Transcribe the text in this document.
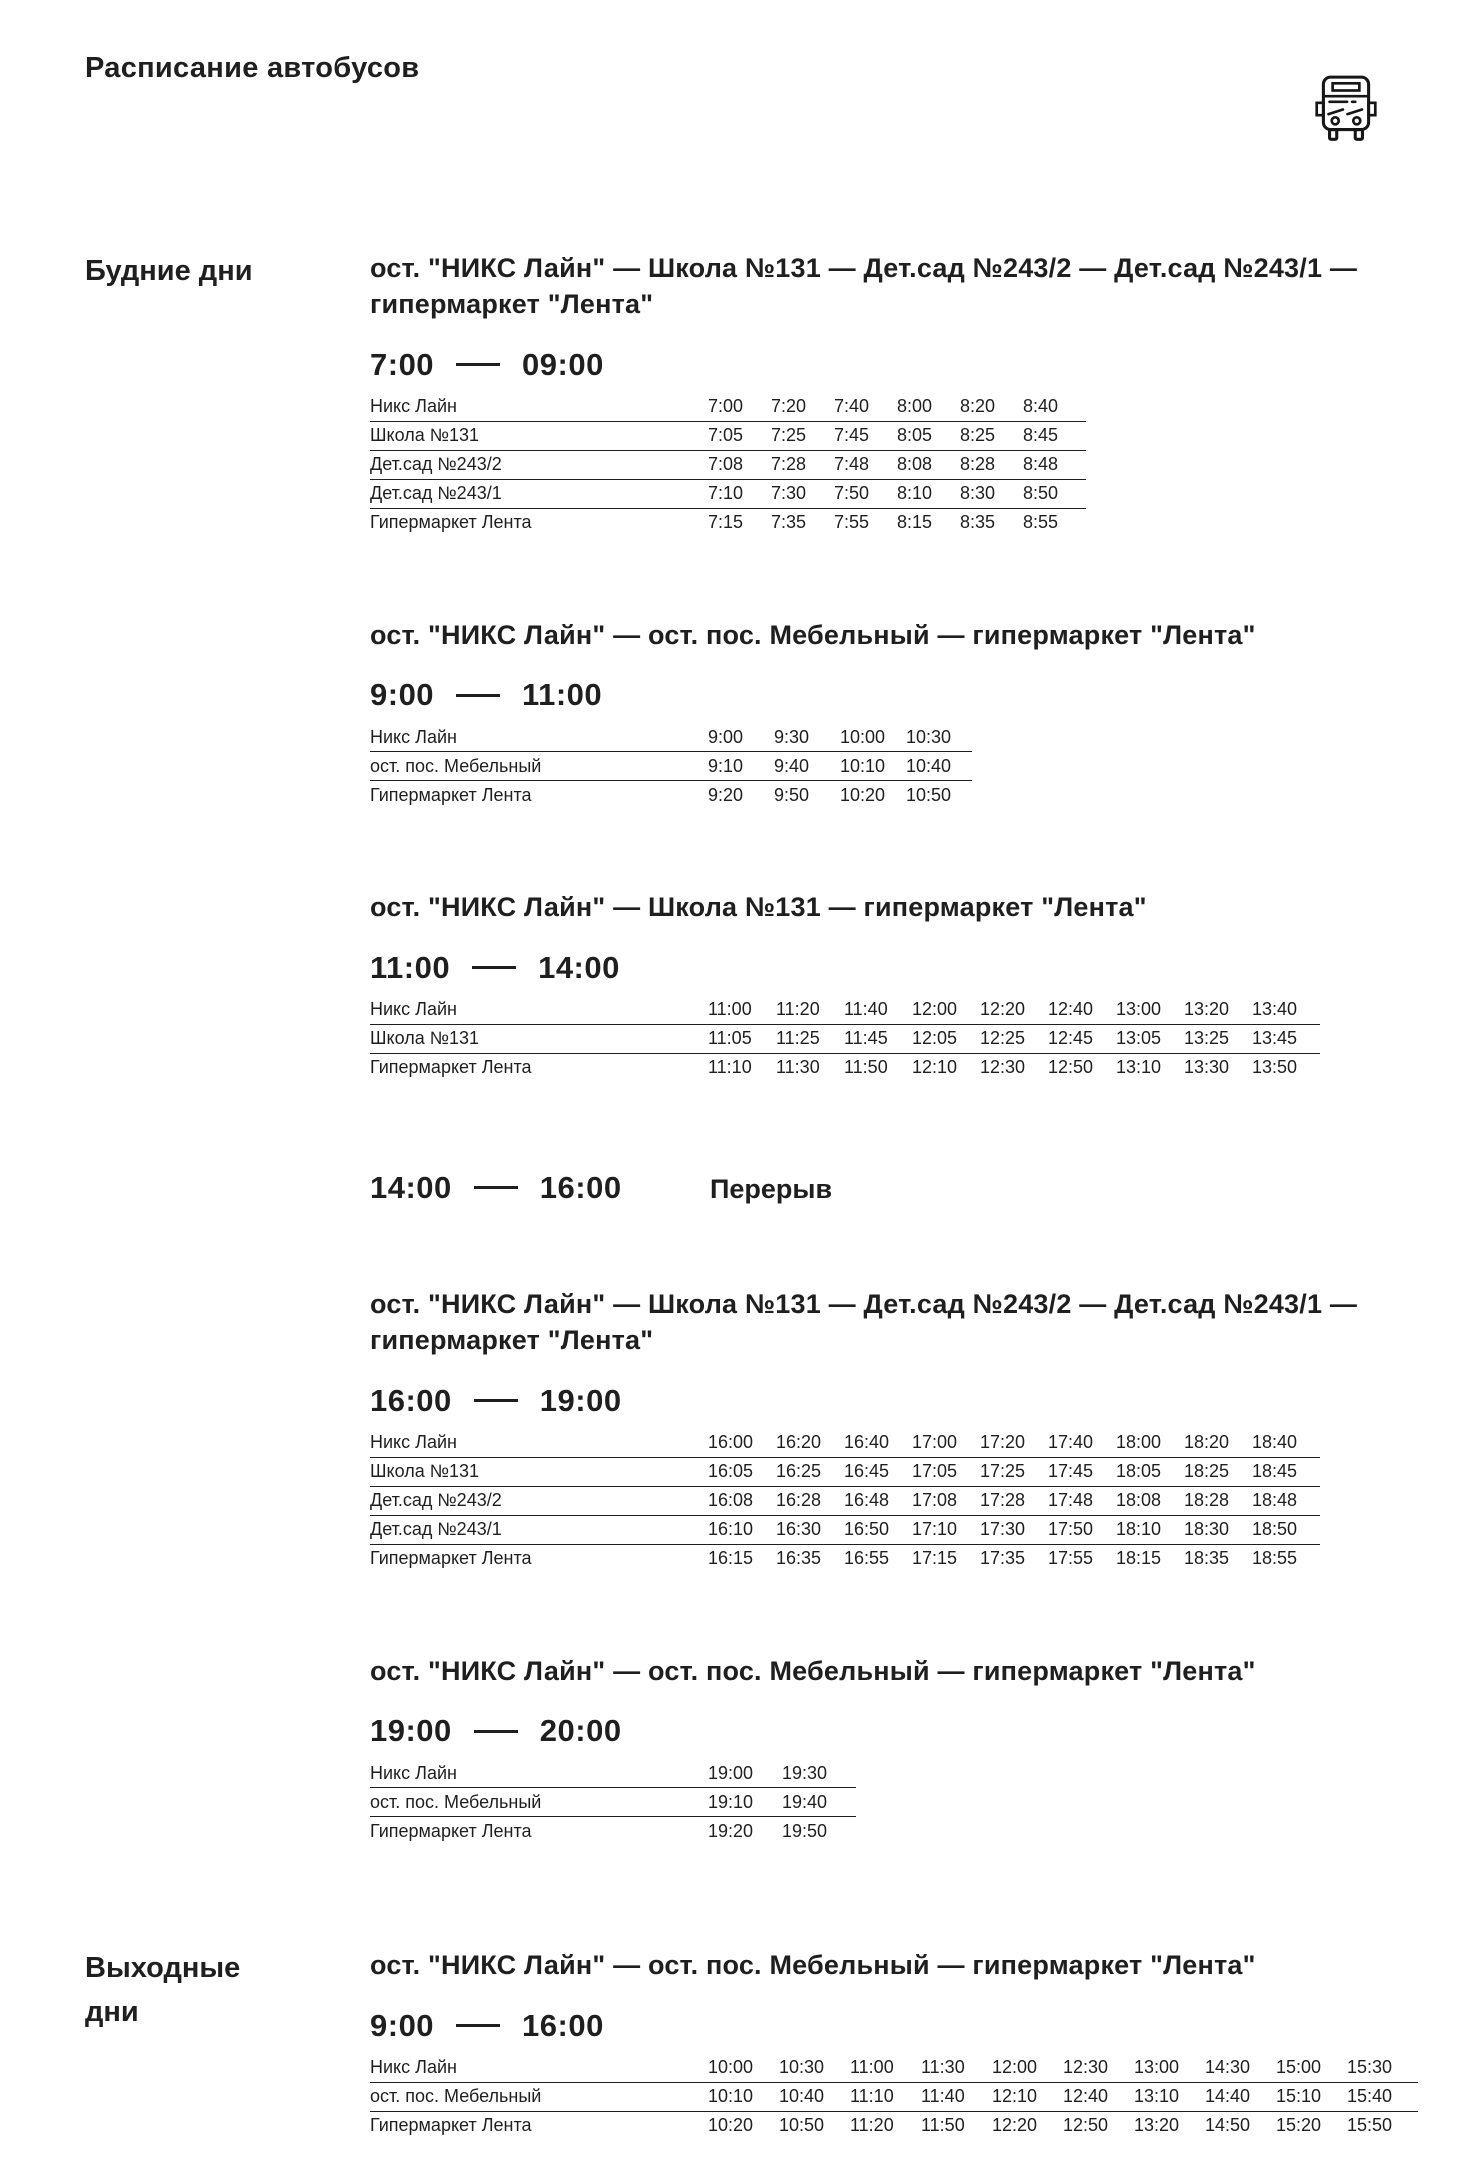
Расписание автобусов
Будние дни	ост. "НИКС Лайн" — Школа №131 — Дет.сад №243/2 — Дет.сад №243/1 — гипермаркет "Лента"
7:00	09:00
Никс Лайн	7:00	7:20	7:40	8:00	8:20	8:40
Школа №131	7:05	7:25	7:45	8:05	8:25	8:45
Дет.сад №243/2	7:08	7:28	7:48	8:08	8:28	8:48
Дет.сад №243/1	7:10	7:30	7:50	8:10	8:30	8:50
Гипермаркет Лента	7:15	7:35	7:55	8:15	8:35	8:55
ост. "НИКС Лайн" — ост. пос. Мебельный — гипермаркет "Лента"
9:00	11:00
Никс Лайн	9:00	9:30	10:00	10:30
ост. пос. Мебельный	9:10	9:40	10:10	10:40
Гипермаркет Лента	9:20	9:50	10:20	10:50
ост. "НИКС Лайн" — Школа №131 — гипермаркет "Лента"
11:00	14:00
Никс Лайн	11:00	11:20	11:40	12:00	12:20	12:40	13:00	13:20	13:40
Школа №131	11:05	11:25	11:45	12:05	12:25	12:45	13:05	13:25	13:45
Гипермаркет Лента	11:10	11:30	11:50	12:10	12:30	12:50	13:10	13:30	13:50
14:00	16:00	Перерыв
ост. "НИКС Лайн" — Школа №131 — Дет.сад №243/2 — Дет.сад №243/1 — гипермаркет "Лента"
16:00	19:00
Никс Лайн	16:00	16:20	16:40	17:00	17:20	17:40	18:00	18:20	18:40
Школа №131	16:05	16:25	16:45	17:05	17:25	17:45	18:05	18:25	18:45
Дет.сад №243/2	16:08	16:28	16:48	17:08	17:28	17:48	18:08	18:28	18:48
Дет.сад №243/1	16:10	16:30	16:50	17:10	17:30	17:50	18:10	18:30	18:50
Гипермаркет Лента	16:15	16:35	16:55	17:15	17:35	17:55	18:15	18:35	18:55
ост. "НИКС Лайн" — ост. пос. Мебельный — гипермаркет "Лента"
19:00	20:00
Никс Лайн	19:00	19:30
ост. пос. Мебельный	19:10	19:40
Гипермаркет Лента	19:20	19:50
Выходные дни
ост. "НИКС Лайн" — ост. пос. Мебельный — гипермаркет "Лента"
9:00	16:00
Никс Лайн	10:00	10:30	11:00	11:30	12:00	12:30	13:00	14:30	15:00	15:30
ост. пос. Мебельный	10:10	10:40	11:10	11:40	12:10	12:40	13:10	14:40	15:10	15:40
Гипермаркет Лента	10:20	10:50	11:20	11:50	12:20	12:50	13:20	14:50	15:20	15:50
